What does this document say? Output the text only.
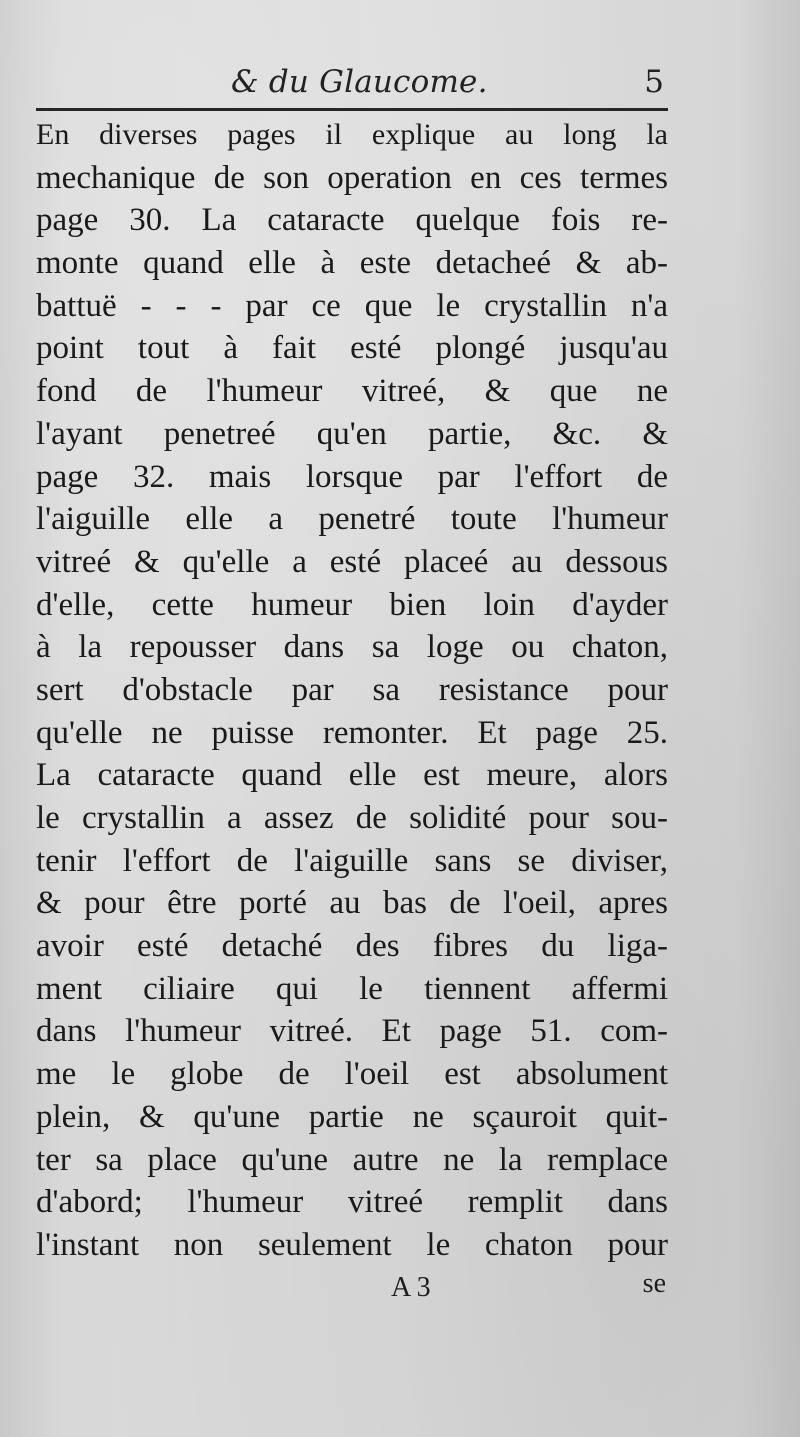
& du Glaucome.	5
En diverses pages il explique au long la
mechanique de son operation en ces termes
page 30. La cataracte quelque fois re-
monte quand elle à este detacheé & ab-
battuë - - - par ce que le crystallin n'a
point tout à fait esté plongé jusqu'au
fond de l'humeur vitreé, & que ne
l'ayant penetreé qu'en partie, &c. &
page 32. mais lorsque par l'effort de
l'aiguille elle a penetré toute l'humeur
vitreé & qu'elle a esté placeé au dessous
d'elle, cette humeur bien loin d'ayder
à la repousser dans sa loge ou chaton,
sert d'obstacle par sa resistance pour
qu'elle ne puisse remonter. Et page 25.
La cataracte quand elle est meure, alors
le crystallin a assez de solidité pour sou-
tenir l'effort de l'aiguille sans se diviser,
& pour être porté au bas de l'oeil, apres
avoir esté detaché des fibres du liga-
ment ciliaire qui le tiennent affermi
dans l'humeur vitreé. Et page 51. com-
me le globe de l'oeil est absolument
plein, & qu'une partie ne sçauroit quit-
ter sa place qu'une autre ne la remplace
d'abord; l'humeur vitreé remplit dans
l'instant non seulement le chaton pour
A 3	se
